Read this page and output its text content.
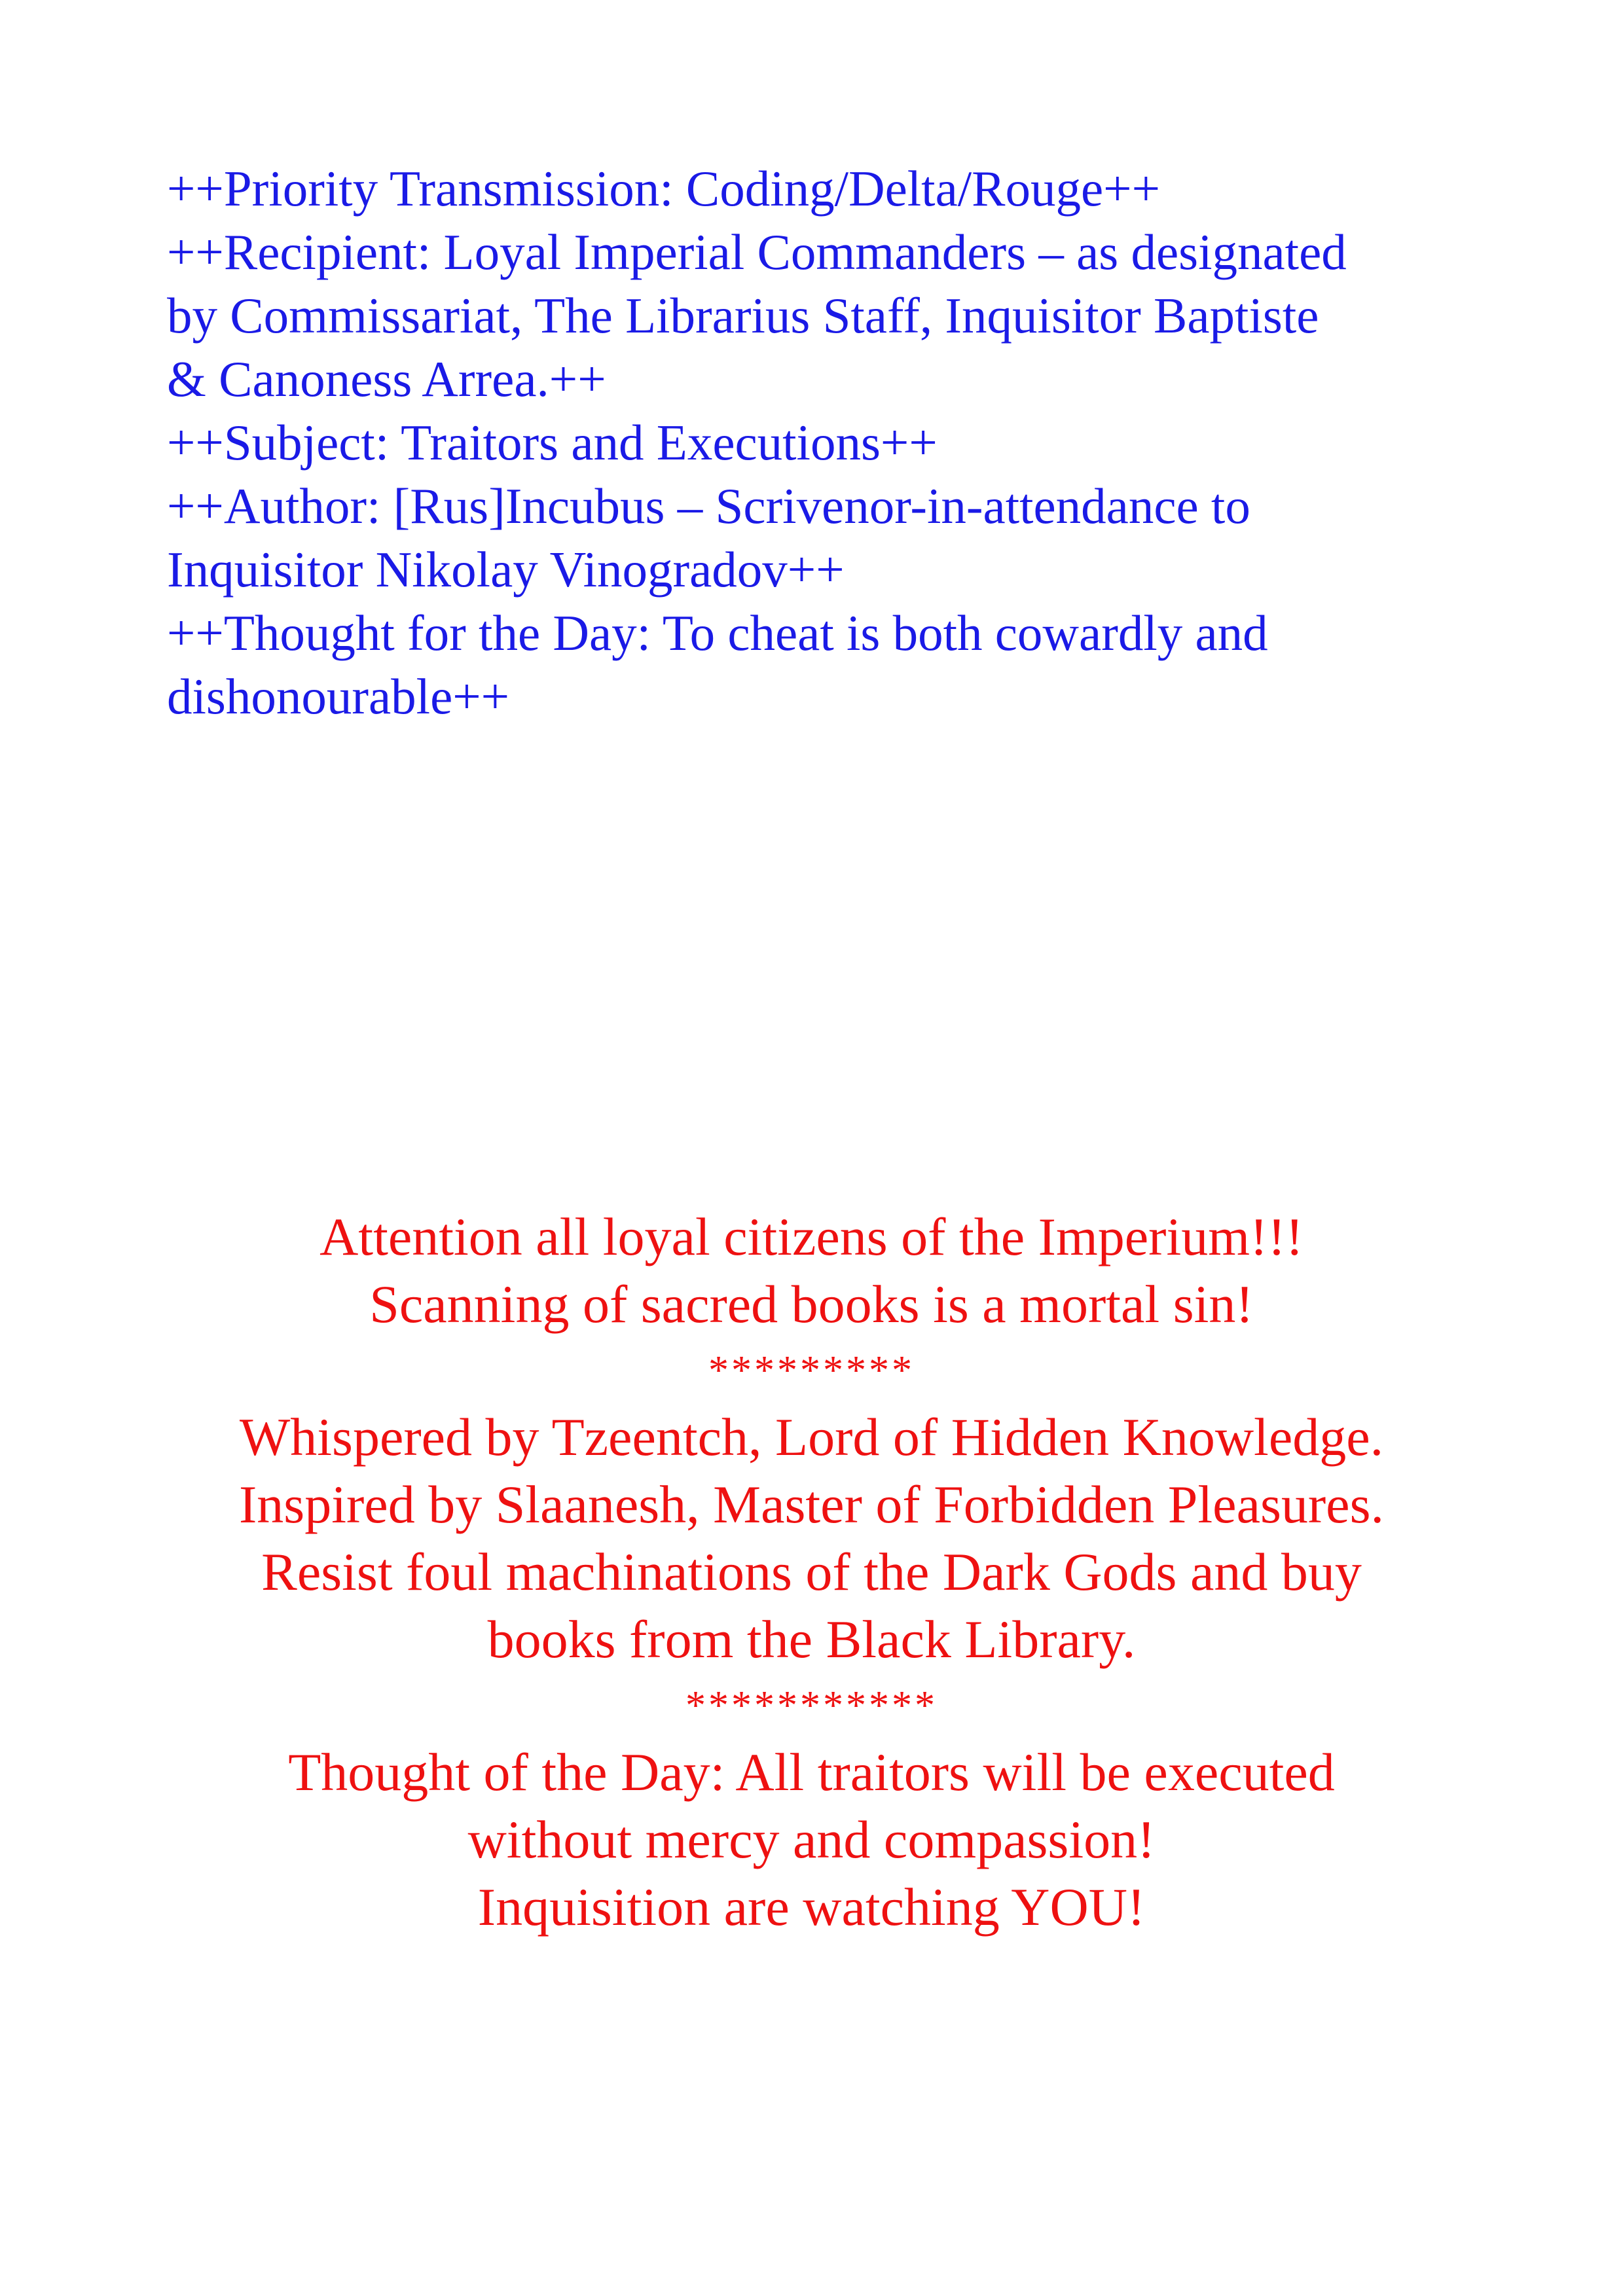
++Priority Transmission: Coding/Delta/Rouge++
++Recipient: Loyal Imperial Commanders – as designated
by Commissariat, The Librarius Staff, Inquisitor Baptiste
& Canoness Arrea.++
++Subject: Traitors and Executions++
++Author: [Rus]Incubus – Scrivenor-in-attendance to
Inquisitor Nikolay Vinogradov++
++Thought for the Day: To cheat is both cowardly and
dishonourable++
Attention all loyal citizens of the Imperium!!!
Scanning of sacred books is a mortal sin!
*********
Whispered by Tzeentch, Lord of Hidden Knowledge.
Inspired by Slaanesh, Master of Forbidden Pleasures.
Resist foul machinations of the Dark Gods and buy
books from the Black Library.
***********
Thought of the Day: All traitors will be executed
without mercy and compassion!
Inquisition are watching YOU!
